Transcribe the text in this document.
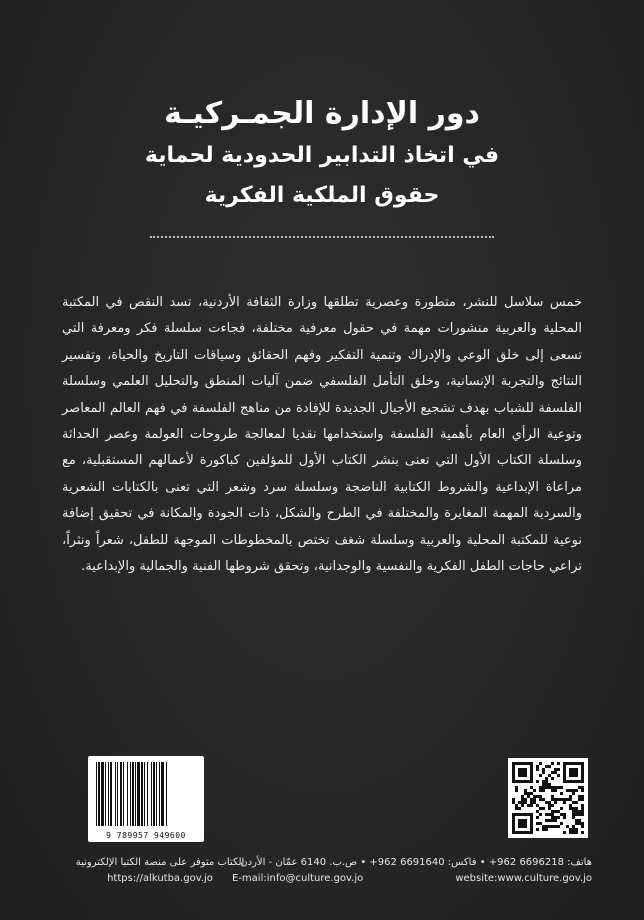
دور الإدارة الجمـركيـة

في اتخاذ التدابير الحدودية لحماية

حقوق الملكية الفكرية

خمس سلاسل للنشر، متطورة وعصرية تطلقها وزارة الثقافة الأردنية، تسد النقص في المكتبة المحلية والعربية منشورات مهمة في حقول معرفية مختلفة، فجاءت سلسلة فكر ومعرفة التي تسعى إلى خلق الوعي والإدراك وتنمية التفكير وفهم الحقائق وسياقات التاريخ والحياة، وتفسير النتائج والتجربة الإنسانية، وخلق التأمل الفلسفي ضمن آليات المنطق والتحليل العلمي وسلسلة الفلسفة للشباب بهدف تشجيع الأجيال الجديدة للإفادة من مناهج الفلسفة في فهم العالم المعاصر وتوعية الرأي العام بأهمية الفلسفة واستخدامها نقديا لمعالجة طروحات العولمة وعصر الحداثة وسلسلة الكتاب الأول التي تعنى بنشر الكتاب الأول للمؤلفين كباكورة لأعمالهم المستقبلية، مع مراعاة الإبداعية والشروط الكتابية الناضجة وسلسلة سرد وشعر التي تعنى بالكتابات الشعرية والسردية المهمة المغايرة والمختلفة في الطرح والشكل، ذات الجودة والمكانة في تحقيق إضافة نوعية للمكتبة المحلية والعربية وسلسلة شغف تختص بالمخطوطات الموجهة للطفل، شعراً ونثراً، تراعي حاجات الطفل الفكرية والنفسية والوجدانية، وتحقق شروطها الفنية والجمالية والإبداعية.

9 789957 949600
هاتف: 6696218 962+ • فاكس: 6691640 962+ • ص.ب. 6140 عمّان - الأردن
E-mail:info@culture.gov.jo	website:www.culture.gov.jo
الكتاب متوفر على منصة الكتبا الإلكترونية
https://alkutba.gov.jo
